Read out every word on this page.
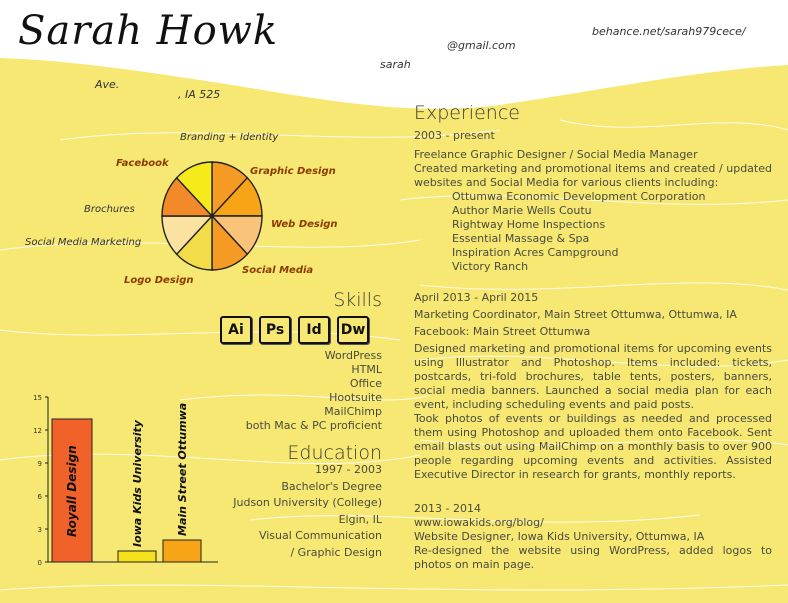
Sarah Howk
Ave.
, IA 525
sarah
@gmail.com
behance.net/sarah979cece/
Branding + Identity
Facebook
Graphic Design
Brochures
Web Design
Social Media Marketing
Social Media
Logo Design
Skills
Ai Ps Id Dw
WordPress
HTML
Office
Hootsuite
MailChimp
both Mac & PC proficient
Education
1997 - 2003
Bachelor's Degree
Judson University (College)
Elgin, IL
Visual Communication
/ Graphic Design
0
3
6
9
12
15
Royall Design	Iowa Kids University	Main Street Ottumwa
Experience
2003 - present
Freelance Graphic Designer / Social Media Manager
Created marketing and promotional items and created / updated websites and Social Media for various clients including:
Ottumwa Economic Development Corporation
Author Marie Wells Coutu
Rightway Home Inspections
Essential Massage & Spa
Inspiration Acres Campground
Victory Ranch
April 2013 - April 2015
Marketing Coordinator, Main Street Ottumwa, Ottumwa, IA
Facebook: Main Street Ottumwa
Designed marketing and promotional items for upcoming events using Illustrator and Photoshop. Items included: tickets, postcards, tri-fold brochures, table tents, posters, banners, social media banners. Launched a social media plan for each event, including scheduling events and paid posts.
Took photos of events or buildings as needed and processed them using Photoshop and uploaded them onto Facebook. Sent email blasts out using MailChimp on a monthly basis to over 900 people regarding upcoming events and activities. Assisted Executive Director in research for grants, monthly reports.
2013 - 2014
www.iowakids.org/blog/
Website Designer, Iowa Kids University, Ottumwa, IA
Re-designed the website using WordPress, added logos to photos on main page.
